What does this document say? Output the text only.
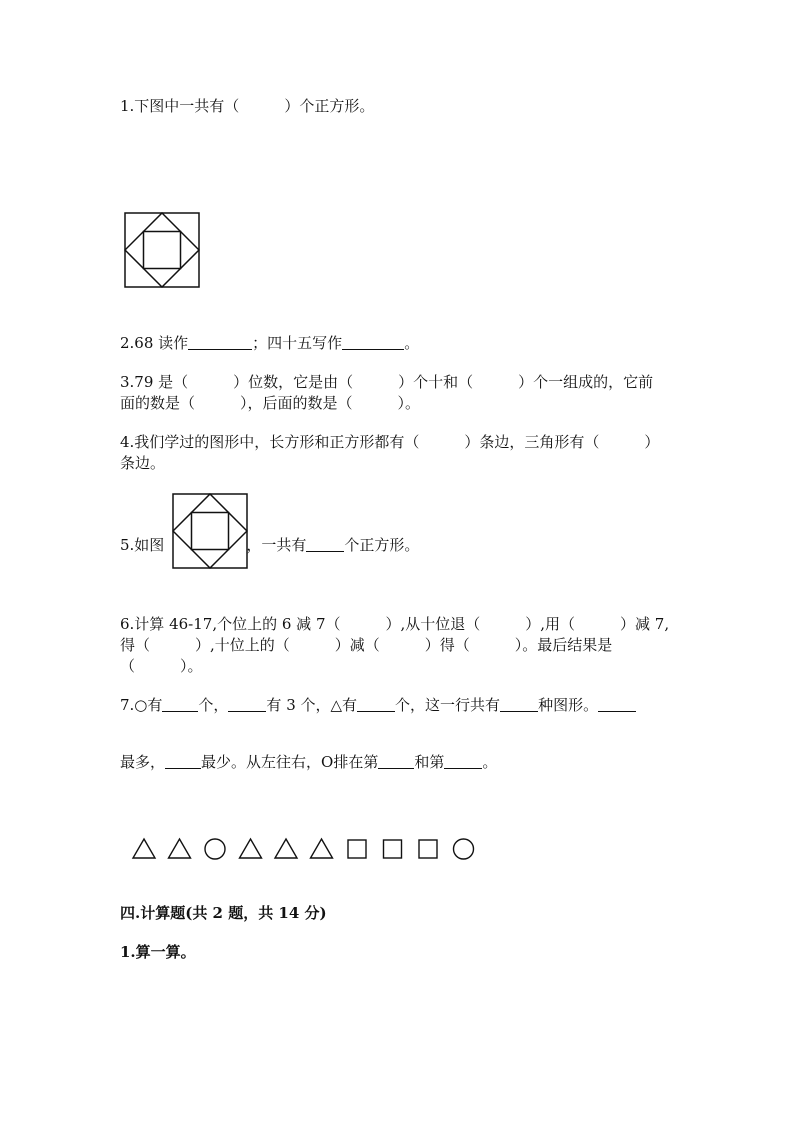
1.下图中一共有（　　　）个正方形。
2.68 读作	；四十五写作	。
3.79 是（　　　）位数，它是由（　　　）个十和（　　　）个一组成的，它前
面的数是（　　　），后面的数是（　　　）。
4.我们学过的图形中，长方形和正方形都有（　　　）条边，三角形有（　　　）
条边。
5.如图	，一共有	个正方形。
6.计算 46-17,个位上的 6 减 7（　　　）,从十位退（　　　）,用（　　　）减 7,
得（　　　）,十位上的（　　　）减（　　　）得（　　　）。最后结果是
（　　　）。
7.○有 个，	有 3 个，△有	个，这一行共有	种图形。
最多， 最少。从左往右，O排在第 和第	。
四.计算题(共 2 题，共 14 分)
1.算一算。
